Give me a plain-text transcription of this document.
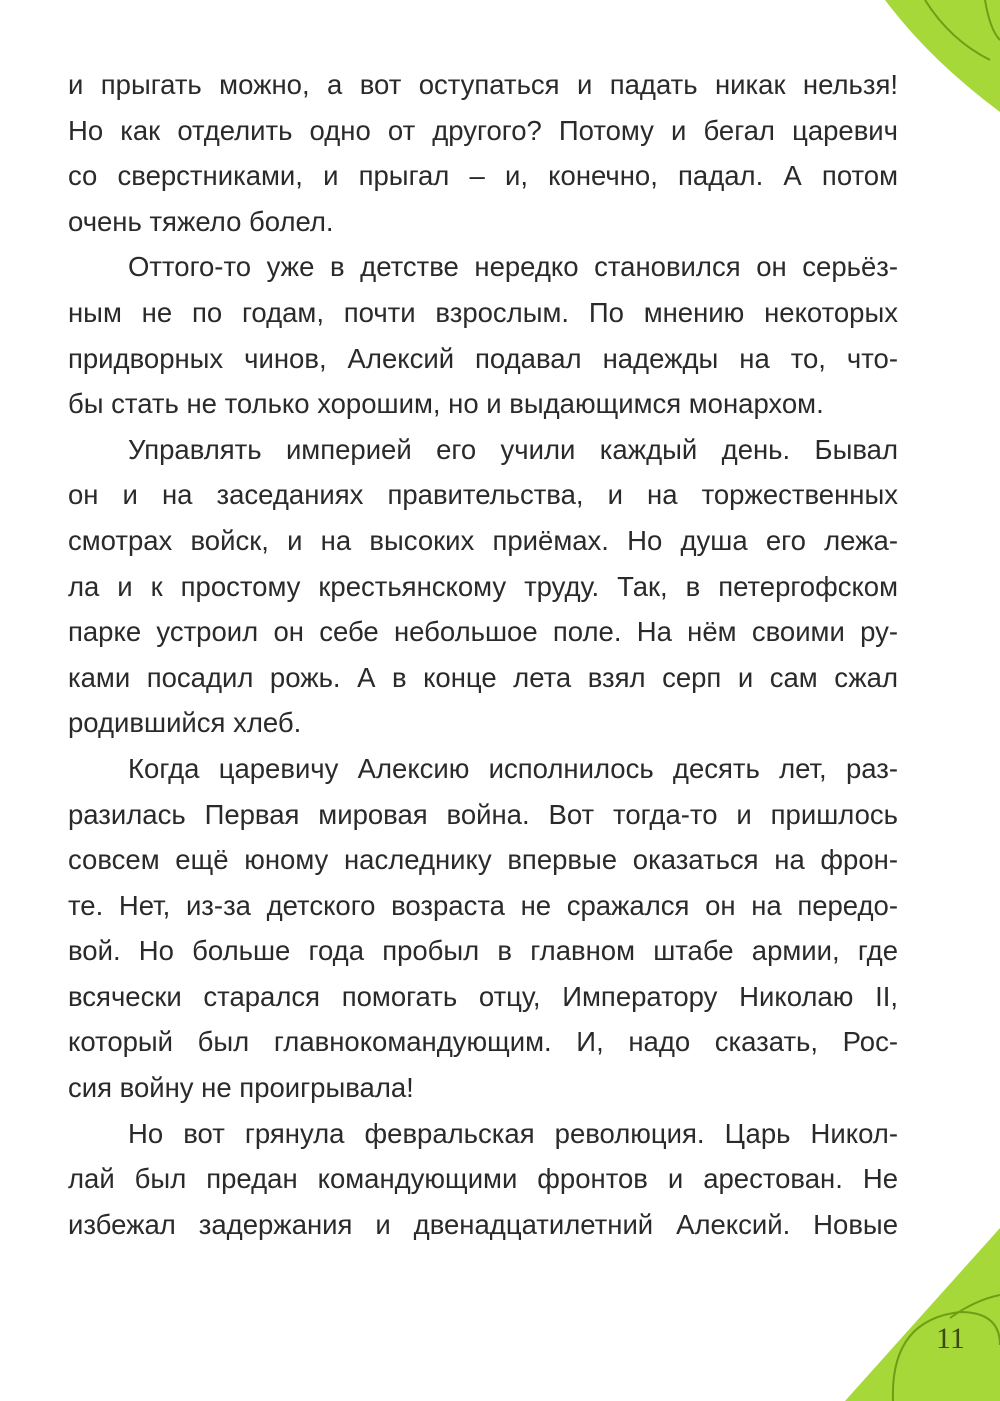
и прыгать можно, а вот оступаться и падать никак нельзя!
Но как отделить одно от другого? Потому и бегал царевич
со сверстниками, и прыгал – и, конечно, падал. А потом
очень тяжело болел.
Оттого-то уже в детстве нередко становился он серьёз-
ным не по годам, почти взрослым. По мнению некоторых
придворных чинов, Алексий подавал надежды на то, что-
бы стать не только хорошим, но и выдающимся монархом.
Управлять империей его учили каждый день. Бывал
он и на заседаниях правительства, и на торжественных
смотрах войск, и на высоких приёмах. Но душа его лежа-
ла и к простому крестьянскому труду. Так, в петергофском
парке устроил он себе небольшое поле. На нём своими ру-
ками посадил рожь. А в конце лета взял серп и сам сжал
родившийся хлеб.
Когда царевичу Алексию исполнилось десять лет, раз-
разилась Первая мировая война. Вот тогда-то и пришлось
совсем ещё юному наследнику впервые оказаться на фрон-
те. Нет, из-за детского возраста не сражался он на передо-
вой. Но больше года пробыл в главном штабе армии, где
всячески старался помогать отцу, Императору Николаю II,
который был главнокомандующим. И, надо сказать, Рос-
сия войну не проигрывала!
Но вот грянула февральская революция. Царь Никол-
лай был предан командующими фронтов и арестован. Не
избежал задержания и двенадцатилетний Алексий. Новые
11
